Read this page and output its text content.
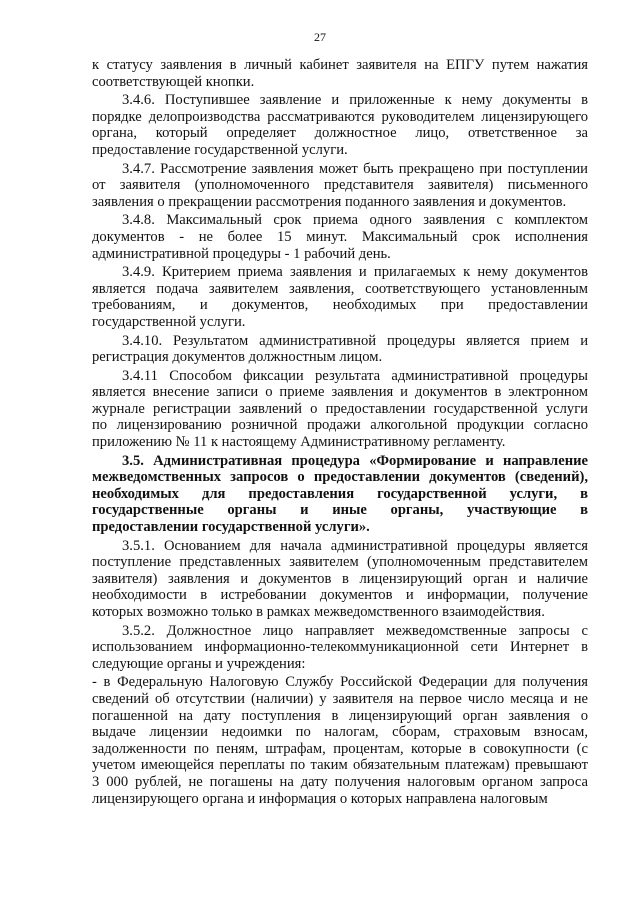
27
к статусу заявления в личный кабинет заявителя на ЕПГУ путем нажатия
соответствующей кнопки.
3.4.6. Поступившее заявление и приложенные к нему документы в
порядке делопроизводства рассматриваются руководителем лицензирующего
органа, который определяет должностное лицо, ответственное за
предоставление государственной услуги.
3.4.7. Рассмотрение заявления может быть прекращено при поступлении
от заявителя (уполномоченного представителя заявителя) письменного
заявления о прекращении рассмотрения поданного заявления и документов.
3.4.8. Максимальный срок приема одного заявления с комплектом
документов - не более 15 минут. Максимальный срок исполнения
административной процедуры - 1 рабочий день.
3.4.9. Критерием приема заявления и прилагаемых к нему документов
является подача заявителем заявления, соответствующего установленным
требованиям, и документов, необходимых при предоставлении
государственной услуги.
3.4.10. Результатом административной процедуры является прием и
регистрация документов должностным лицом.
3.4.11 Способом фиксации результата административной процедуры
является внесение записи о приеме заявления и документов в электронном
журнале регистрации заявлений о предоставлении государственной услуги
по лицензированию розничной продажи алкогольной продукции согласно
приложению № 11 к настоящему Административному регламенту.
3.5. Административная процедура «Формирование и направление
межведомственных запросов о предоставлении документов (сведений),
необходимых для предоставления государственной услуги, в
государственные органы и иные органы, участвующие в
предоставлении государственной услуги».
3.5.1. Основанием для начала административной процедуры является
поступление представленных заявителем (уполномоченным представителем
заявителя) заявления и документов в лицензирующий орган и наличие
необходимости в истребовании документов и информации, получение
которых возможно только в рамках межведомственного взаимодействия.
3.5.2. Должностное лицо направляет межведомственные запросы с
использованием информационно-телекоммуникационной сети Интернет в
следующие органы и учреждения:
- в Федеральную Налоговую Службу Российской Федерации для получения
сведений об отсутствии (наличии) у заявителя на первое число месяца и не
погашенной на дату поступления в лицензирующий орган заявления о
выдаче лицензии недоимки по налогам, сборам, страховым взносам,
задолженности по пеням, штрафам, процентам, которые в совокупности (с
учетом имеющейся переплаты по таким обязательным платежам) превышают
3 000 рублей, не погашены на дату получения налоговым органом запроса
лицензирующего органа и информация о которых направлена налоговым
